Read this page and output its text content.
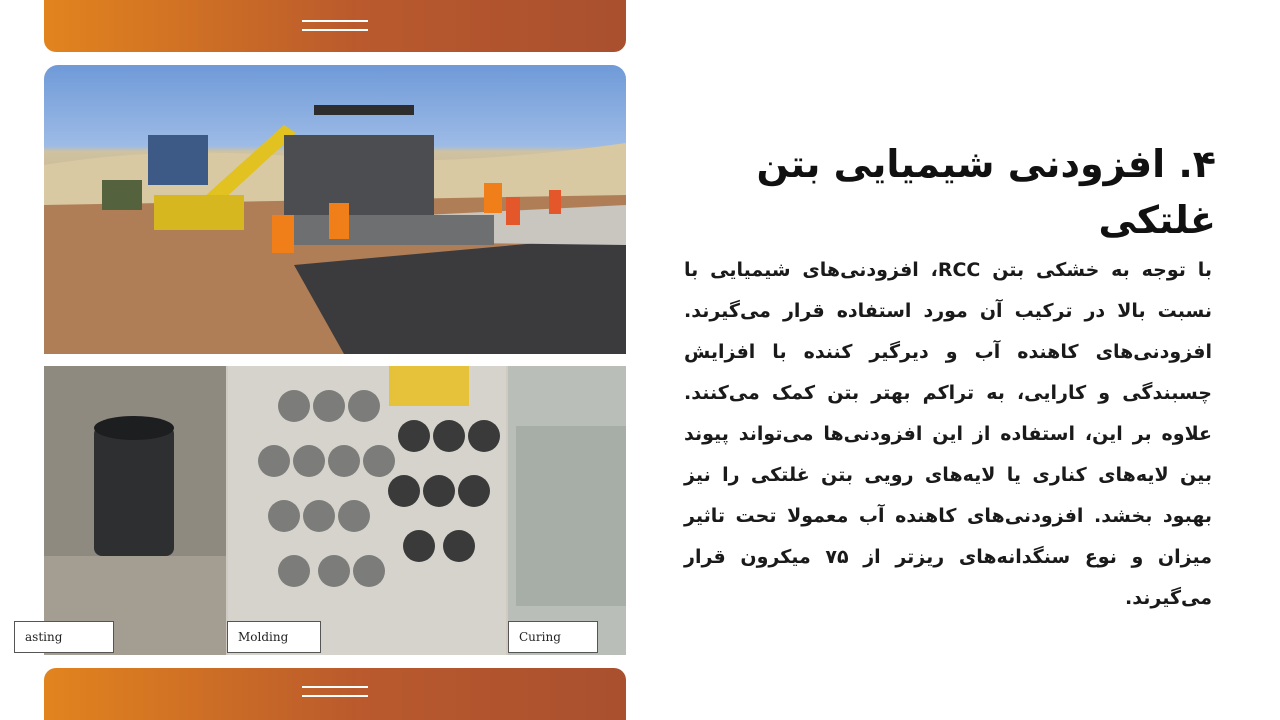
asting	Molding	Curing
۴. افزودنی شیمیایی بتن غلتکی

با توجه به خشکی بتن RCC، افزودنی‌های شیمیایی با نسبت بالا در ترکیب آن مورد استفاده قرار می‌گیرند. افزودنی‌های کاهنده آب و دیرگیر کننده با افزایش چسبندگی و کارایی، به تراکم بهتر بتن کمک می‌کنند. علاوه بر این، استفاده از این افزودنی‌ها می‌تواند پیوند بین لایه‌های کناری یا لایه‌های رویی بتن غلتکی را نیز بهبود بخشد. افزودنی‌های کاهنده آب معمولا تحت تاثیر میزان و نوع سنگدانه‌های ریزتر از ۷۵ میکرون قرار می‌گیرند.
